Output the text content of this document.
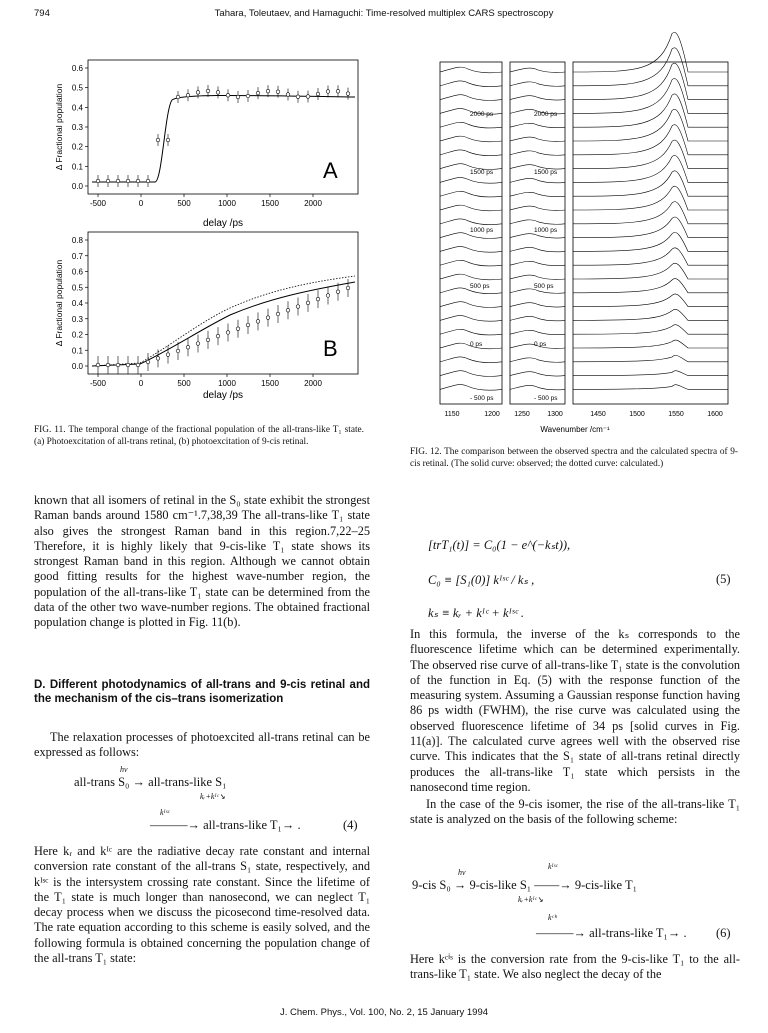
794	Tahara, Toleutaev, and Hamaguchi: Time-resolved multiplex CARS spectroscopy
0.0
0.1
0.2
0.3
0.4
0.5
0.6
-500	0	500	1000	1500	2000
A
delay /ps
Δ Fractional population
0.0
0.1
0.2
0.3
0.4
0.5
0.6
0.7
0.8
-500	0	500	1000	1500	2000
B
delay /ps
Δ Fractional population
2000 ps
1500 ps
1000 ps
500 ps
0 ps
- 500 ps
2000 ps
1500 ps
1000 ps
500 ps
0 ps
- 500 ps
1150	1200 1250 1300	1450	1500	1550	1600
Wavenumber /cm⁻¹
FIG. 11. The temporal change of the fractional population of the all-trans-like T₁ state. (a) Photoexcitation of all-trans retinal, (b) photoexcitation of 9-cis retinal.
FIG. 12. The comparison between the observed spectra and the calculated spectra of 9-cis retinal. (The solid curve: observed; the dotted curve: calculated.)
known that all isomers of retinal in the S₀ state exhibit the strongest Raman bands around 1580 cm⁻¹.7,38,39 The all-trans-like T₁ state also gives the strongest Raman band in this region.7,22–25 Therefore, it is highly likely that 9-cis-like T₁ state shows its strongest Raman band in this region. Although we cannot obtain good fitting results for the highest wave-number region, the population of the all-trans-like T₁ state can be determined from the data of the other two wave-number regions. The obtained fractional population change is plotted in Fig. 11(b).
D. Different photodynamics of all-trans and 9-cis retinal and the mechanism of the cis–trans isomerization
The relaxation processes of photoexcited all-trans retinal can be expressed as follows:
hν
all-trans S₀ → all-trans-like S₁
kᵣ+kᴵᶜ↘
kᴵˢᶜ
———→ all-trans-like T₁→ .	(4)
Here kᵣ and kᴵᶜ are the radiative decay rate constant and internal conversion rate constant of the all-trans S₁ state, respectively, and kᴵˢᶜ is the intersystem crossing rate constant. Since the lifetime of the T₁ state is much longer than nanosecond, we can neglect T₁ decay process when we discuss the picosecond time-resolved data. The rate equation according to this scheme is easily solved, and the following formula is obtained concerning the population change of the all-trans T₁ state:
[trT₁(t)] = C₀(1 − e^(−kₛt)),
C₀ ≡ [S₁(0)] kᴵˢᶜ / kₛ ,	(5)
kₛ ≡ kᵣ + kᴵᶜ + kᴵˢᶜ .
In this formula, the inverse of the kₛ corresponds to the fluorescence lifetime which can be determined experimentally. The observed rise curve of all-trans-like T₁ state is the convolution of the function in Eq. (5) with the response function of the measuring system. Assuming a Gaussian response function having 86 ps width (FWHM), the rise curve was calculated using the observed fluorescence lifetime of 34 ps [solid curves in Fig. 11(a)]. The calculated curve agrees well with the observed rise curve. This indicates that the S₁ state of all-trans retinal directly produces the all-trans-like T₁ state which persists in the nanosecond time region.
In the case of the 9-cis isomer, the rise of the all-trans-like T₁ state is analyzed on the basis of the following scheme:
hν
kᴵˢᶜ
9-cis S₀ → 9-cis-like S₁ ——→ 9-cis-like T₁
kᵣ+kᴵᶜ↘
kᶜⁱˢ
———→ all-trans-like T₁→ . (6)
Here kᶜⁱˢ is the conversion rate from the 9-cis-like T₁ to the all-trans-like T₁ state. We also neglect the decay of the
J. Chem. Phys., Vol. 100, No. 2, 15 January 1994
